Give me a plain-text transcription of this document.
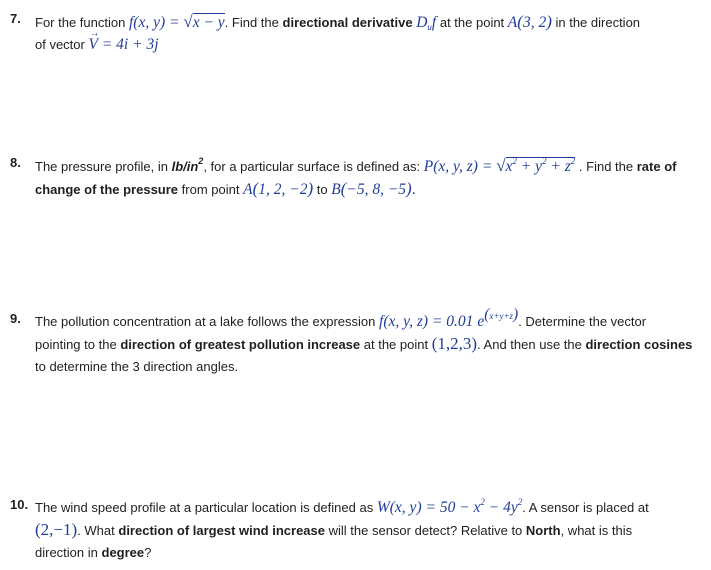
7. For the function f(x, y) = √x − y. Find the directional derivative $D_uf$ at the point A(3, 2) in the direction
of vector → V = 4i + 3j
8. The pressure profile, in $lb/in^2$, for a particular surface is defined as: P(x, y, $z) = √x^2 + y^2 + z^2$ . Find the rate of
change of the pressure from point A(1, 2, −2) to B(−5, 8, −5).
9. The pollution concentration at a lake follows the expression f(x, y, z) = 0.01 $e^{(x+y+z)}$. Determine the vector
pointing to the direction of greatest pollution increase at the point (1,2,3). And then use the direction cosines
to determine the 3 direction angles.
10. The wind speed profile at a particular location is defined as W(x, $y) = 50 - x^2 - 4y^2$. A sensor is placed at
(2,−1). What direction of largest wind increase will the sensor detect? Relative to North, what is this
direction in degree?
